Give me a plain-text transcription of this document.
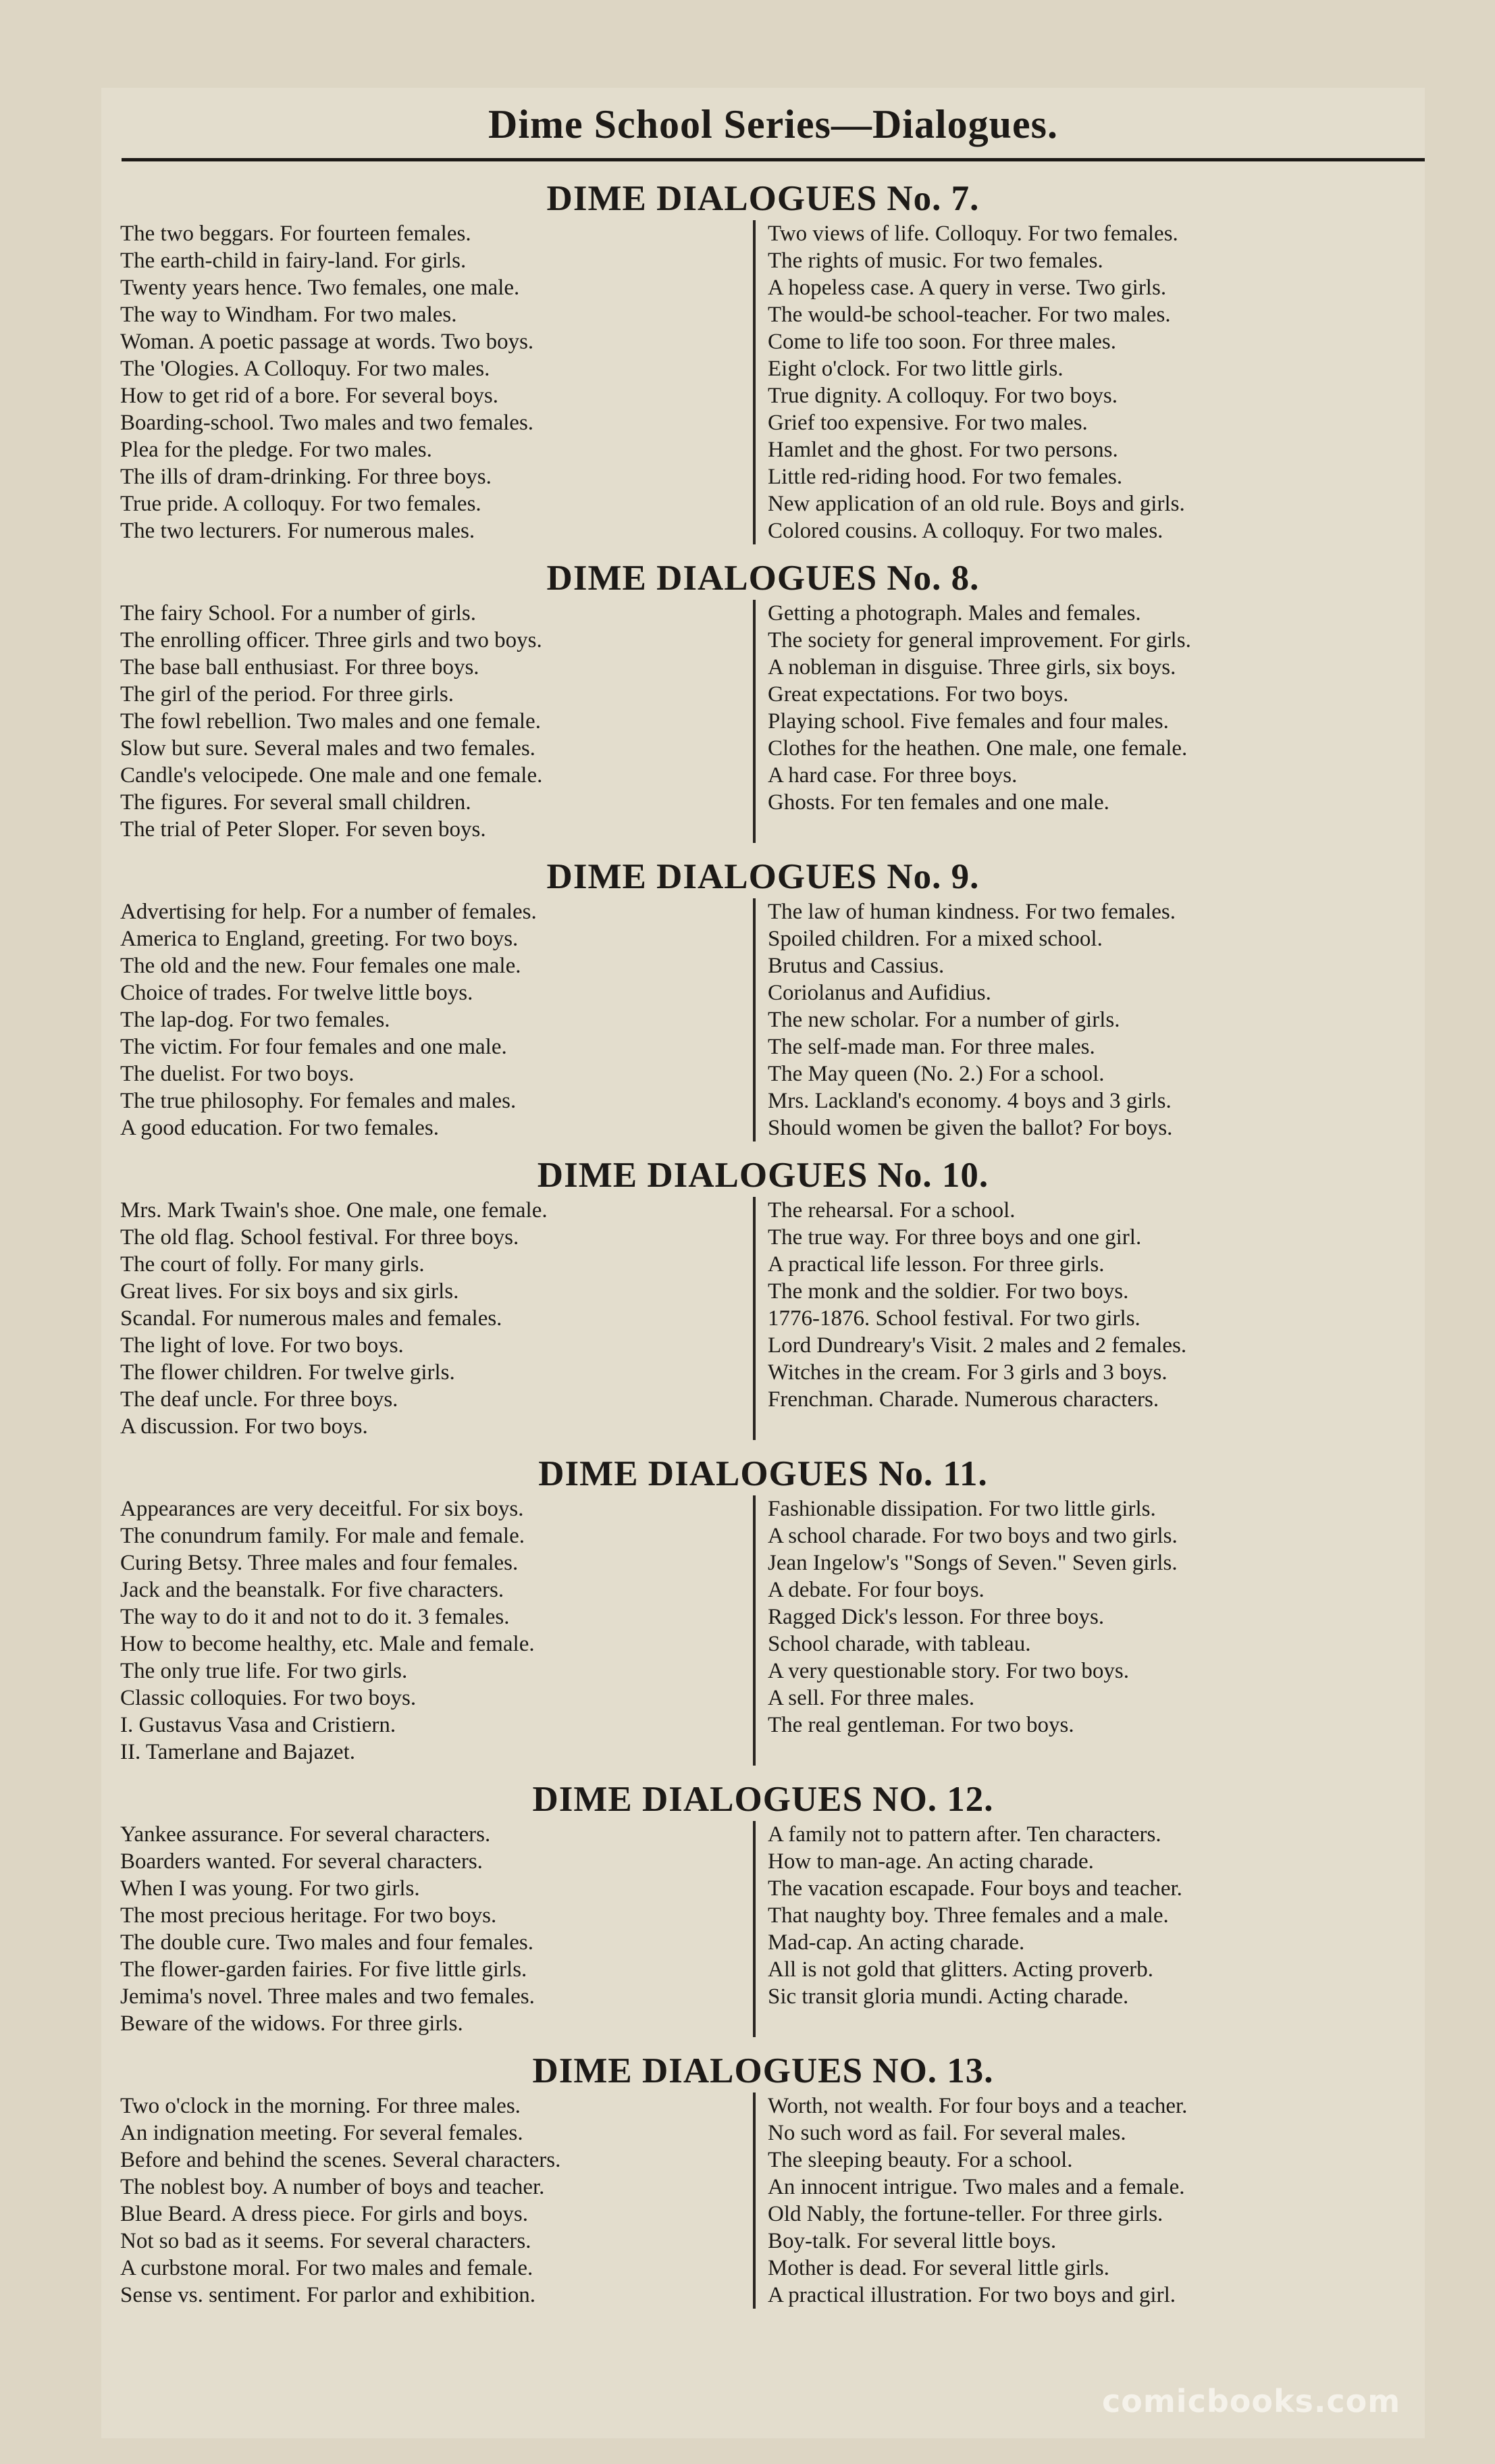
Dime School Series—Dialogues.
DIME DIALOGUES No. 7.
The two beggars. For fourteen females.
The earth-child in fairy-land. For girls.
Twenty years hence. Two females, one male.
The way to Windham. For two males.
Woman. A poetic passage at words. Two boys.
The 'Ologies. A Colloquy. For two males.
How to get rid of a bore. For several boys.
Boarding-school. Two males and two females.
Plea for the pledge. For two males.
The ills of dram-drinking. For three boys.
True pride. A colloquy. For two females.
The two lecturers. For numerous males.
Two views of life. Colloquy. For two females.
The rights of music. For two females.
A hopeless case. A query in verse. Two girls.
The would-be school-teacher. For two males.
Come to life too soon. For three males.
Eight o'clock. For two little girls.
True dignity. A colloquy. For two boys.
Grief too expensive. For two males.
Hamlet and the ghost. For two persons.
Little red-riding hood. For two females.
New application of an old rule. Boys and girls.
Colored cousins. A colloquy. For two males.
DIME DIALOGUES No. 8.
The fairy School. For a number of girls.
The enrolling officer. Three girls and two boys.
The base ball enthusiast. For three boys.
The girl of the period. For three girls.
The fowl rebellion. Two males and one female.
Slow but sure. Several males and two females.
Candle's velocipede. One male and one female.
The figures. For several small children.
The trial of Peter Sloper. For seven boys.
Getting a photograph. Males and females.
The society for general improvement. For girls.
A nobleman in disguise. Three girls, six boys.
Great expectations. For two boys.
Playing school. Five females and four males.
Clothes for the heathen. One male, one female.
A hard case. For three boys.
Ghosts. For ten females and one male.
DIME DIALOGUES No. 9.
Advertising for help. For a number of females.
America to England, greeting. For two boys.
The old and the new. Four females one male.
Choice of trades. For twelve little boys.
The lap-dog. For two females.
The victim. For four females and one male.
The duelist. For two boys.
The true philosophy. For females and males.
A good education. For two females.
The law of human kindness. For two females.
Spoiled children. For a mixed school.
Brutus and Cassius.
Coriolanus and Aufidius.
The new scholar. For a number of girls.
The self-made man. For three males.
The May queen (No. 2.) For a school.
Mrs. Lackland's economy. 4 boys and 3 girls.
Should women be given the ballot? For boys.
DIME DIALOGUES No. 10.
Mrs. Mark Twain's shoe. One male, one female.
The old flag. School festival. For three boys.
The court of folly. For many girls.
Great lives. For six boys and six girls.
Scandal. For numerous males and females.
The light of love. For two boys.
The flower children. For twelve girls.
The deaf uncle. For three boys.
A discussion. For two boys.
The rehearsal. For a school.
The true way. For three boys and one girl.
A practical life lesson. For three girls.
The monk and the soldier. For two boys.
1776-1876. School festival. For two girls.
Lord Dundreary's Visit. 2 males and 2 females.
Witches in the cream. For 3 girls and 3 boys.
Frenchman. Charade. Numerous characters.
DIME DIALOGUES No. 11.
Appearances are very deceitful. For six boys.
The conundrum family. For male and female.
Curing Betsy. Three males and four females.
Jack and the beanstalk. For five characters.
The way to do it and not to do it. 3 females.
How to become healthy, etc. Male and female.
The only true life. For two girls.
Classic colloquies. For two boys.
I. Gustavus Vasa and Cristiern.
II. Tamerlane and Bajazet.
Fashionable dissipation. For two little girls.
A school charade. For two boys and two girls.
Jean Ingelow's "Songs of Seven." Seven girls.
A debate. For four boys.
Ragged Dick's lesson. For three boys.
School charade, with tableau.
A very questionable story. For two boys.
A sell. For three males.
The real gentleman. For two boys.
DIME DIALOGUES NO. 12.
Yankee assurance. For several characters.
Boarders wanted. For several characters.
When I was young. For two girls.
The most precious heritage. For two boys.
The double cure. Two males and four females.
The flower-garden fairies. For five little girls.
Jemima's novel. Three males and two females.
Beware of the widows. For three girls.
A family not to pattern after. Ten characters.
How to man-age. An acting charade.
The vacation escapade. Four boys and teacher.
That naughty boy. Three females and a male.
Mad-cap. An acting charade.
All is not gold that glitters. Acting proverb.
Sic transit gloria mundi. Acting charade.
DIME DIALOGUES NO. 13.
Two o'clock in the morning. For three males.
An indignation meeting. For several females.
Before and behind the scenes. Several characters.
The noblest boy. A number of boys and teacher.
Blue Beard. A dress piece. For girls and boys.
Not so bad as it seems. For several characters.
A curbstone moral. For two males and female.
Sense vs. sentiment. For parlor and exhibition.
Worth, not wealth. For four boys and a teacher.
No such word as fail. For several males.
The sleeping beauty. For a school.
An innocent intrigue. Two males and a female.
Old Nably, the fortune-teller. For three girls.
Boy-talk. For several little boys.
Mother is dead. For several little girls.
A practical illustration. For two boys and girl.
comicbooks.com
